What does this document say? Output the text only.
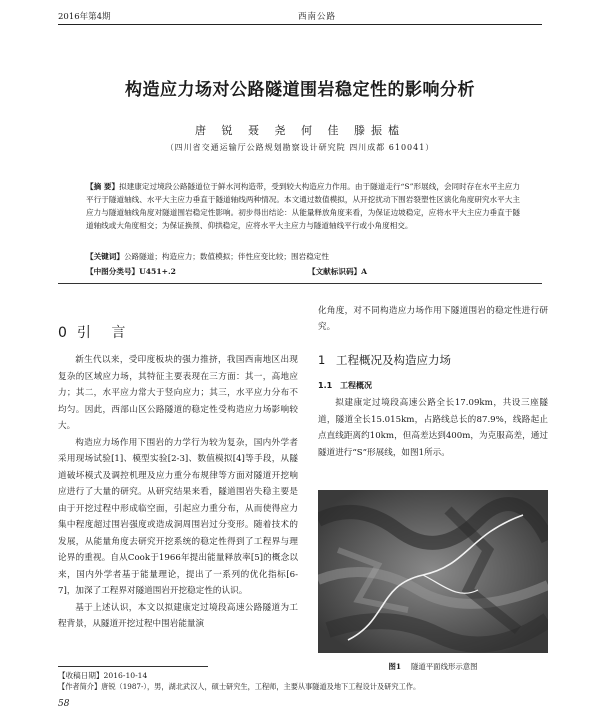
2016年第4期	西南公路
构造应力场对公路隧道围岩稳定性的影响分析
唐 锐 聂 尧 何 佳 滕振榼
（四川省交通运输厅公路规划勘察设计研究院 四川成都 610041）
【摘 要】拟建康定过境段公路隧道位于鲜水河构造带，受到较大构造应力作用。由于隧道走行“S”形展线，会同时存在水平主应力平行于隧道轴线、水平大主应力垂直于隧道轴线两种情况。本文通过数值模拟，从开挖扰动下围岩裂塑性区演化角度研究水平大主应力与隧道轴线角度对隧道围岩稳定性影响。初步得出结论：从能量释放角度来看，为保证边坡稳定，应将水平大主应力垂直于隧道轴线或大角度相交；为保证换预、仰拱稳定，应将水平大主应力与隧道轴线平行或小角度相交。
【关键词】公路隧道；构造应力；数值模拟；伴性应变比较；围岩稳定性
【中图分类号】U451+.2	【文献标识码】A
0引 言

新生代以来，受印度板块的强力推挤，我国西南地区出现复杂的区域应力场，其特征主要表现在三方面：其一，高地应力；其二，水平应力常大于竖向应力；其三，水平应力分布不均匀。因此，西部山区公路隧道的稳定性受构造应力场影响较大。

构造应力场作用下围岩的力学行为较为复杂，国内外学者采用现场试验[1]、模型实验[2-3]、数值模拟[4]等手段，从隧道破坏模式及调控机理及应力重分布规律等方面对隧道开挖响应进行了大量的研究。从研究结果来看，隧道围岩失稳主要是由于开挖过程中形成临空面，引起应力重分布，从而使得应力集中程度超过围岩强度或造成洞周围岩过分变形。随着技术的发展，从能量角度去研究开挖系统的稳定性得到了工程界与理论界的重视。自从Cook于1966年提出能量释放率[5]的概念以来，国内外学者基于能量理论，提出了一系列的优化指标[6-7]，加深了工程界对隧道围岩开挖稳定性的认识。

基于上述认识，本文以拟建康定过境段高速公路隧道为工程背景，从隧道开挖过程中围岩能量演

化角度，对不同构造应力场作用下隧道围岩的稳定性进行研究。

1 工程概况及构造应力场
1.1 工程概况

拟建康定过境段高速公路全长17.09km，共设三座隧道，隧道全长15.015km，占路线总长的87.9%，线路起止点直线距离约10km，但高差达到400m，为克服高差，通过隧道进行“S”形展线，如图1所示。

图1 隧道平面线形示意图
【收稿日期】2016-10-14
【作者简介】唐锐（1987-），男，湖北武汉人，硕士研究生，工程师，主要从事隧道及地下工程设计及研究工作。
58
